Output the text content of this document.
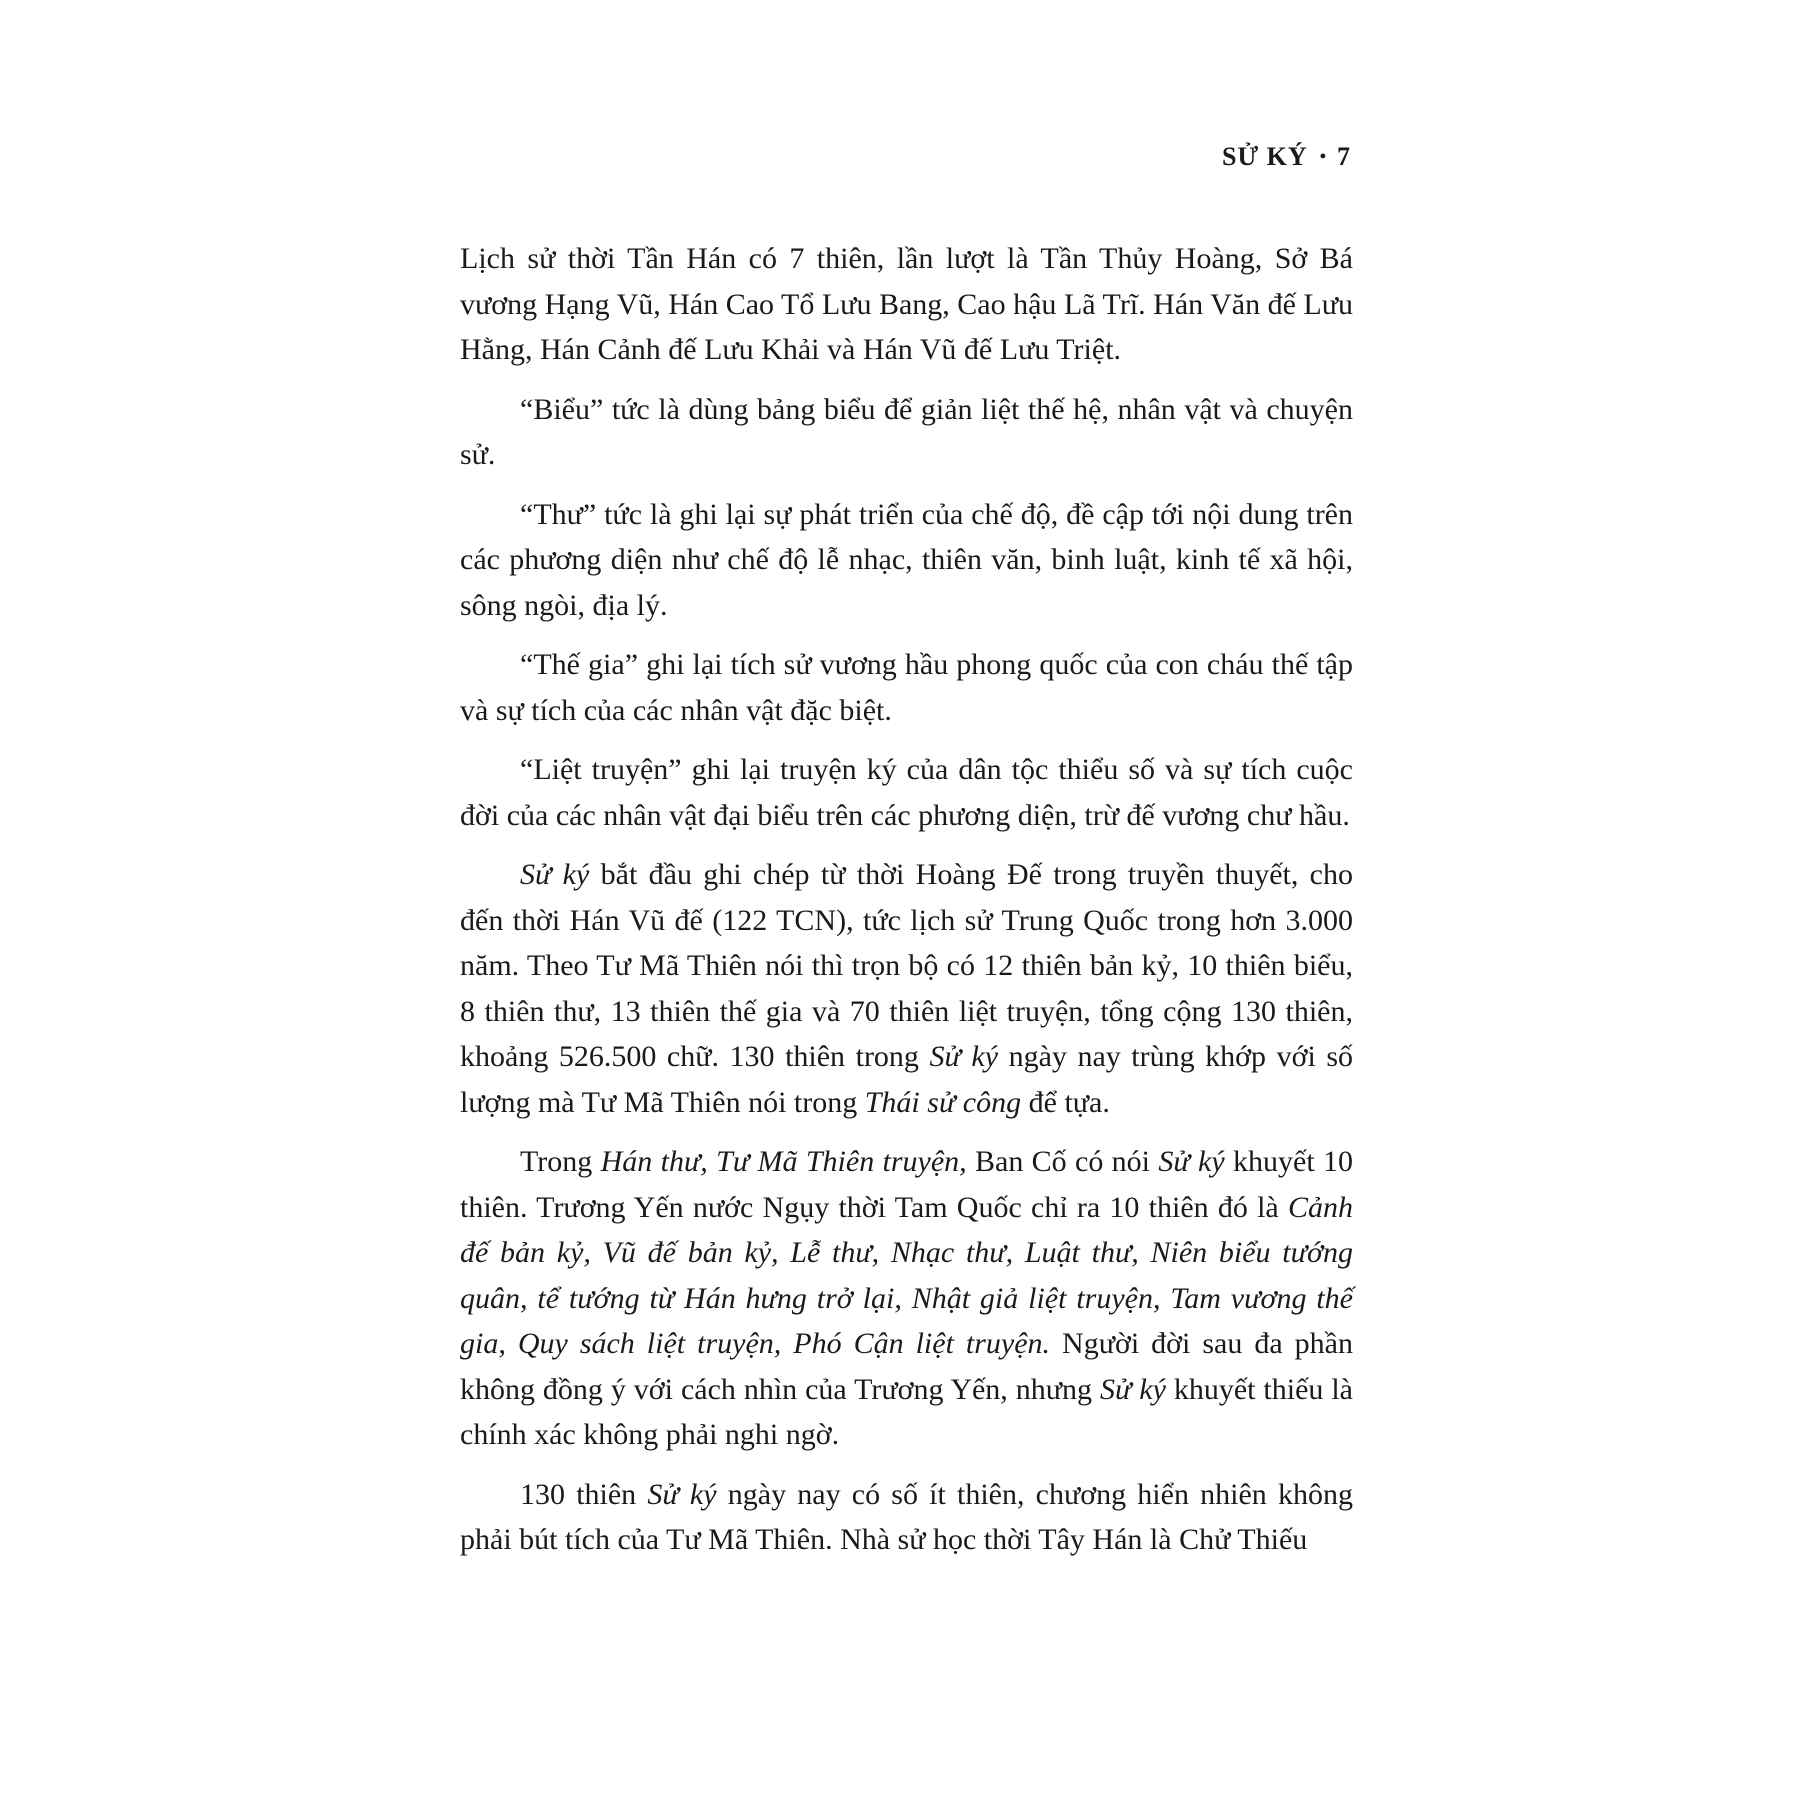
SỬ KÝ • 7

Lịch sử thời Tần Hán có 7 thiên, lần lượt là Tần Thủy Hoàng, Sở Bá vương Hạng Vũ, Hán Cao Tổ Lưu Bang, Cao hậu Lã Trĩ. Hán Văn đế Lưu Hằng, Hán Cảnh đế Lưu Khải và Hán Vũ đế Lưu Triệt.

“Biểu” tức là dùng bảng biểu để giản liệt thế hệ, nhân vật và chuyện sử.

“Thư” tức là ghi lại sự phát triển của chế độ, đề cập tới nội dung trên các phương diện như chế độ lễ nhạc, thiên văn, binh luật, kinh tế xã hội, sông ngòi, địa lý.

“Thế gia” ghi lại tích sử vương hầu phong quốc của con cháu thế tập và sự tích của các nhân vật đặc biệt.

“Liệt truyện” ghi lại truyện ký của dân tộc thiểu số và sự tích cuộc đời của các nhân vật đại biểu trên các phương diện, trừ đế vương chư hầu.

Sử ký bắt đầu ghi chép từ thời Hoàng Đế trong truyền thuyết, cho đến thời Hán Vũ đế (122 TCN), tức lịch sử Trung Quốc trong hơn 3.000 năm. Theo Tư Mã Thiên nói thì trọn bộ có 12 thiên bản kỷ, 10 thiên biểu, 8 thiên thư, 13 thiên thế gia và 70 thiên liệt truyện, tổng cộng 130 thiên, khoảng 526.500 chữ. 130 thiên trong Sử ký ngày nay trùng khớp với số lượng mà Tư Mã Thiên nói trong Thái sử công để tựa.

Trong Hán thư, Tư Mã Thiên truyện, Ban Cố có nói Sử ký khuyết 10 thiên. Trương Yến nước Ngụy thời Tam Quốc chỉ ra 10 thiên đó là Cảnh đế bản kỷ, Vũ đế bản kỷ, Lễ thư, Nhạc thư, Luật thư, Niên biểu tướng quân, tể tướng từ Hán hưng trở lại, Nhật giả liệt truyện, Tam vương thế gia, Quy sách liệt truyện, Phó Cận liệt truyện. Người đời sau đa phần không đồng ý với cách nhìn của Trương Yến, nhưng Sử ký khuyết thiếu là chính xác không phải nghi ngờ.

130 thiên Sử ký ngày nay có số ít thiên, chương hiển nhiên không phải bút tích của Tư Mã Thiên. Nhà sử học thời Tây Hán là Chử Thiếu
